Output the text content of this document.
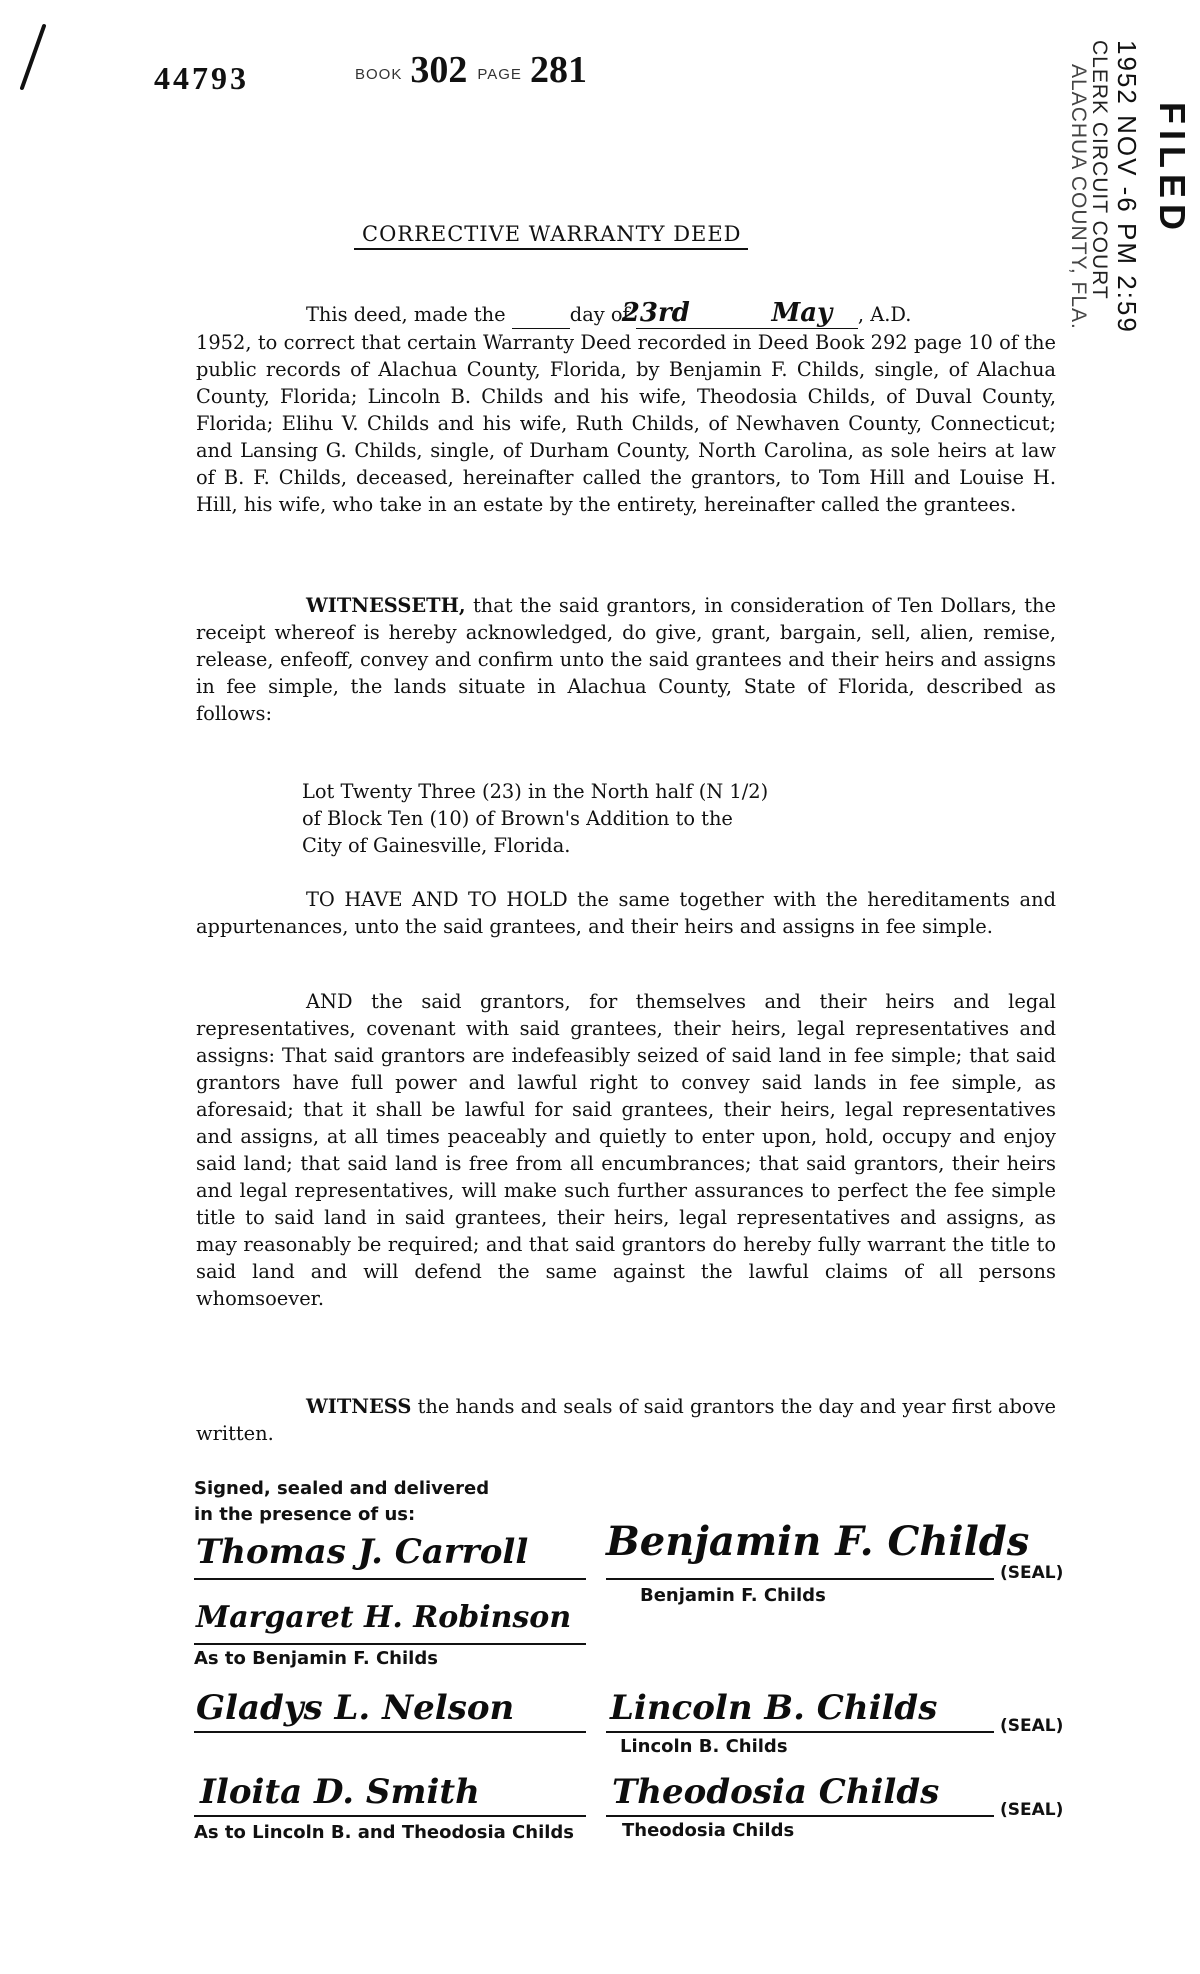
44793	BOOK 302 PAGE 281
FILED
1952 NOV -6 PM 2:59
CLERK CIRCUIT COURT
ALACHUA COUNTY, FLA.
CORRECTIVE WARRANTY DEED
This deed, made the	23rdday of	May , A.D.
1952, to correct that certain Warranty Deed recorded in Deed Book 292 page 10 of the public records of Alachua County, Florida, by Benjamin F. Childs, single, of Alachua County, Florida; Lincoln B. Childs and his wife, Theodosia Childs, of Duval County, Florida; Elihu V. Childs and his wife, Ruth Childs, of Newhaven County, Connecticut; and Lansing G. Childs, single, of Durham County, North Carolina, as sole heirs at law of B. F. Childs, deceased, hereinafter called the grantors, to Tom Hill and Louise H. Hill, his wife, who take in an estate by the entirety, hereinafter called the grantees.
WITNESSETH, that the said grantors, in consideration of Ten Dollars, the receipt whereof is hereby acknowledged, do give, grant, bargain, sell, alien, remise, release, enfeoff, convey and confirm unto the said grantees and their heirs and assigns in fee simple, the lands situate in Alachua County, State of Florida, described as follows:
Lot Twenty Three (23) in the North half (N 1/2)
of Block Ten (10) of Brown's Addition to the
City of Gainesville, Florida.
TO HAVE AND TO HOLD the same together with the hereditaments and appurtenances, unto the said grantees, and their heirs and assigns in fee simple.
AND the said grantors, for themselves and their heirs and legal representatives, covenant with said grantees, their heirs, legal representatives and assigns: That said grantors are indefeasibly seized of said land in fee simple; that said grantors have full power and lawful right to convey said lands in fee simple, as aforesaid; that it shall be lawful for said grantees, their heirs, legal representatives and assigns, at all times peaceably and quietly to enter upon, hold, occupy and enjoy said land; that said land is free from all encumbrances; that said grantors, their heirs and legal representatives, will make such further assurances to perfect the fee simple title to said land in said grantees, their heirs, legal representatives and assigns, as may reasonably be required; and that said grantors do hereby fully warrant the title to said land and will defend the same against the lawful claims of all persons whomsoever.
WITNESS the hands and seals of said grantors the day and year first above written.
Signed, sealed and delivered
in the presence of us:
Thomas J. Carroll Benjamin F. Childs
(SEAL)
Benjamin F. Childs
Margaret H. Robinson
As to Benjamin F. Childs
Gladys L. Nelson	Lincoln B. Childs	(SEAL)
Lincoln B. Childs
Iloita D. Smith	Theodosia Childs	(SEAL)
Theodosia Childs
As to Lincoln B. and Theodosia Childs
